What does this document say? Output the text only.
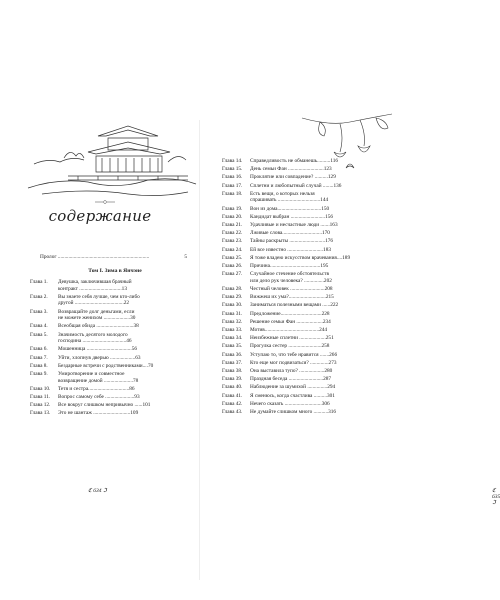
содержание
Пролог .....................................................................	5
Том I. Зима в Янчэне
Глава 1. Девушка, заключившая брачный
контракт ................................13
Глава 2. Вы знаете себя лучше, чем кто-либо
другой .....................................22
Глава 3. Возвращайте долг деньгами, если
не можете женихом ....................30
Глава 4. Всеобщая обида ............................38
Глава 5. Значимость десятого молодого
господина .................................46
Глава 6. Мошенница ..................................56
Глава 7. Уйти, хлопнув дверью ...................63
Глава 8. Бездарные встречи с родственниками....70
Глава 9. Умиротворение и совместное
возвращение домой ......................78
Глава 10. Тетя и сестра...............................86
Глава 11. Вопрос самому себе ......................93
Глава 12. Все вокруг слишком непривычно ......101
Глава 13. Это не шантаж ............................109
ℭ 634 ℑ
Глава 14. Справедливость не обманешь..........116
Глава 15. День семьи Фан ...........................123
Глава 16. Проклятие или совпадение? ..........129
Глава 17. Сплетни и любопытный случай ........136
Глава 18. Есть вещи, о которых нельзя
спрашивать ................................144
Глава 19. Вон из дома.................................150
Глава 20. Кандидат выбран ..........................156
Глава 21. Удачливые и несчастные люди .......163
Глава 22. Лживые слова..............................170
Глава 23. Тайны раскрыты ...........................176
Глава 24. Ей все известно ...........................183
Глава 25. Я тоже владею искусством врачевания....189
Глава 26. Причина......................................195
Глава 27. Случайное стечение обстоятельств
или дело рук человека? ...............202
Глава 28. Честный человек ..........................208
Глава 29. Вижжеш их ума?............................215
Глава 30. Заниматься полезными вещами ......222
Глава 31. Предложение...............................228
Глава 32. Решение семьи Фан ....................234
Глава 33. Мотив.........................................244
Глава 34. Неизбежные сплетни ....................251
Глава 35. Прогулка сестер .........................258
Глава 36. Уступаю то, что тебе нравится .......266
Глава 37. Кто еще мог подвизаться? ..............273
Глава 38. Она выставила тупо? ...................280
Глава 39. Праздная беседа ..........................287
Глава 40. Наблюдение за шумихой ...............294
Глава 41. Я сменюсь, когда счастлива ..........301
Глава 42. Нечего сказать ............................306
Глава 43. Не думайте слишком много ...........316
ℭ 635 ℑ
